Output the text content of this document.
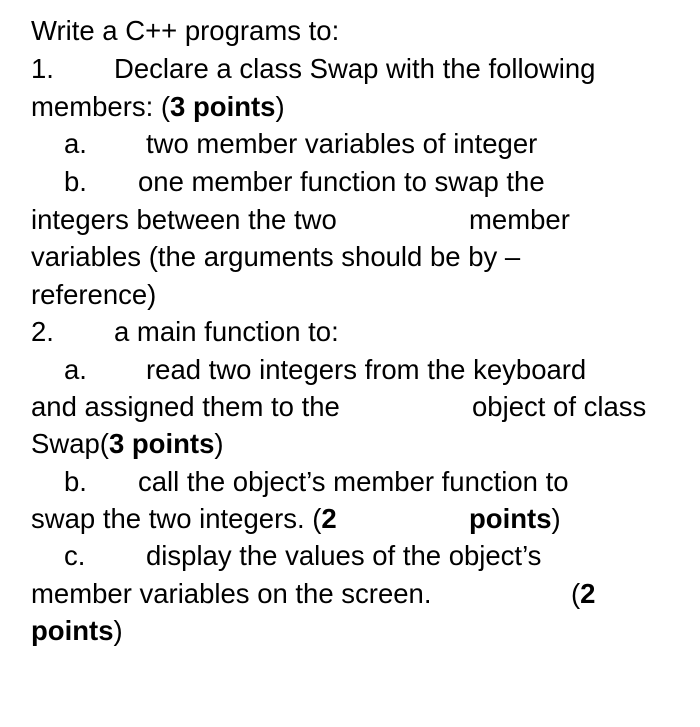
Write a C++ programs to:

1.

Declare a class Swap with the following

members: (3 points)

a.

two member variables of integer

b.

one member function to swap the

integers between the two

	member

variables (the arguments should be by –

reference)

2.

a main function to:

a.

read two integers from the keyboard

and assigned them to the

	object of class

Swap(3 points)

b.

call the object’s member function to

swap the two integers. (2

	points)

c.

display the values of the object’s

member variables on the screen.

	(2

points)
